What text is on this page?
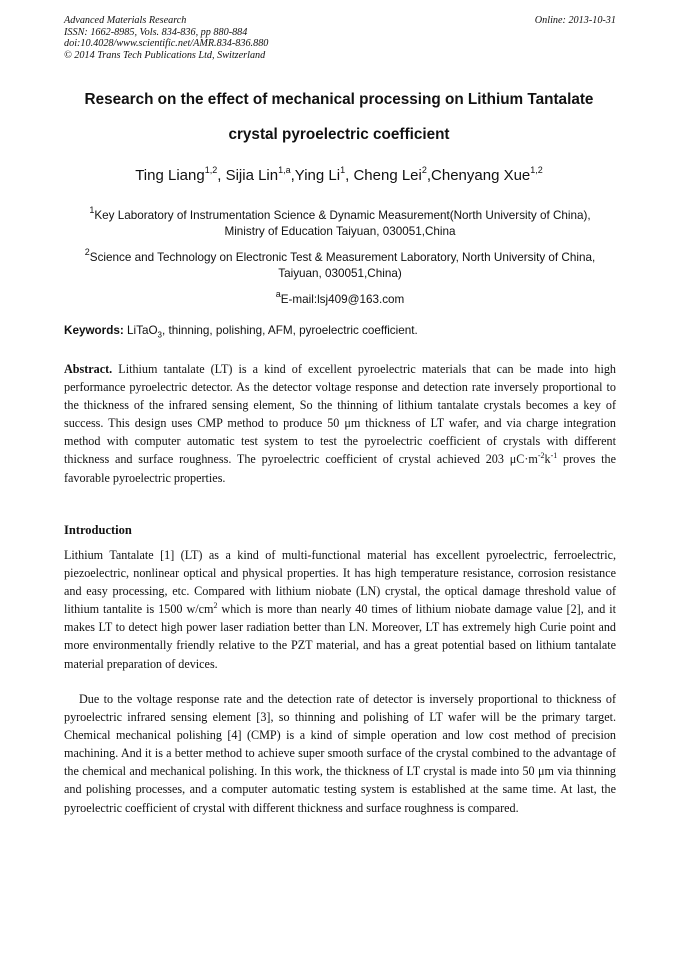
Advanced Materials Research
ISSN: 1662-8985, Vols. 834-836, pp 880-884
doi:10.4028/www.scientific.net/AMR.834-836.880
© 2014 Trans Tech Publications Ltd, Switzerland
Online: 2013-10-31
Research on the effect of mechanical processing on Lithium Tantalate
crystal pyroelectric coefficient
Ting Liang$^{1,2}$, Sijia Lin$^{1,a}$,Ying Li$^1$, Cheng Lei$^2$,Chenyang Xue$^{1,2}$
$^1$Key Laboratory of Instrumentation Science & Dynamic Measurement(North University of China),
Ministry of Education Taiyuan, 030051,China
$^2$Science and Technology on Electronic Test & Measurement Laboratory, North University of China,
Taiyuan, 030051,China)
$^a$E-mail:lsj409@163.com
Keywords: LiTaO$_3$, thinning, polishing, AFM, pyroelectric coefficient.
Abstract. Lithium tantalate (LT) is a kind of excellent pyroelectric materials that can be made into high performance pyroelectric detector. As the detector voltage response and detection rate inversely proportional to the thickness of the infrared sensing element, So the thinning of lithium tantalate crystals becomes a key of success. This design uses CMP method to produce 50 μm thickness of LT wafer, and via charge integration method with computer automatic test system to test the pyroelectric coefficient of crystals with different thickness and surface roughness. The pyroelectric coefficient of crystal achieved 203 $\mu C\cdot m^{-2}k^{-1}$ proves the favorable pyroelectric properties.
Introduction
Lithium Tantalate [1] (LT) as a kind of multi-functional material has excellent pyroelectric, ferroelectric, piezoelectric, nonlinear optical and physical properties. It has high temperature resistance, corrosion resistance and easy processing, etc. Compared with lithium niobate (LN) crystal, the optical damage threshold value of lithium tantalite is 1500 $w/cm^2$ which is more than nearly 40 times of lithium niobate damage value [2], and it makes LT to detect high power laser radiation better than LN. Moreover, LT has extremely high Curie point and more environmentally friendly relative to the PZT material, and has a great potential based on lithium tantalate material preparation of devices.
Due to the voltage response rate and the detection rate of detector is inversely proportional to thickness of pyroelectric infrared sensing element [3], so thinning and polishing of LT wafer will be the primary target. Chemical mechanical polishing [4] (CMP) is a kind of simple operation and low cost method of precision machining. And it is a better method to achieve super smooth surface of the crystal combined to the advantage of the chemical and mechanical polishing. In this work, the thickness of LT crystal is made into 50 μm via thinning and polishing processes, and a computer automatic testing system is established at the same time. At last, the pyroelectric coefficient of crystal with different thickness and surface roughness is compared.
